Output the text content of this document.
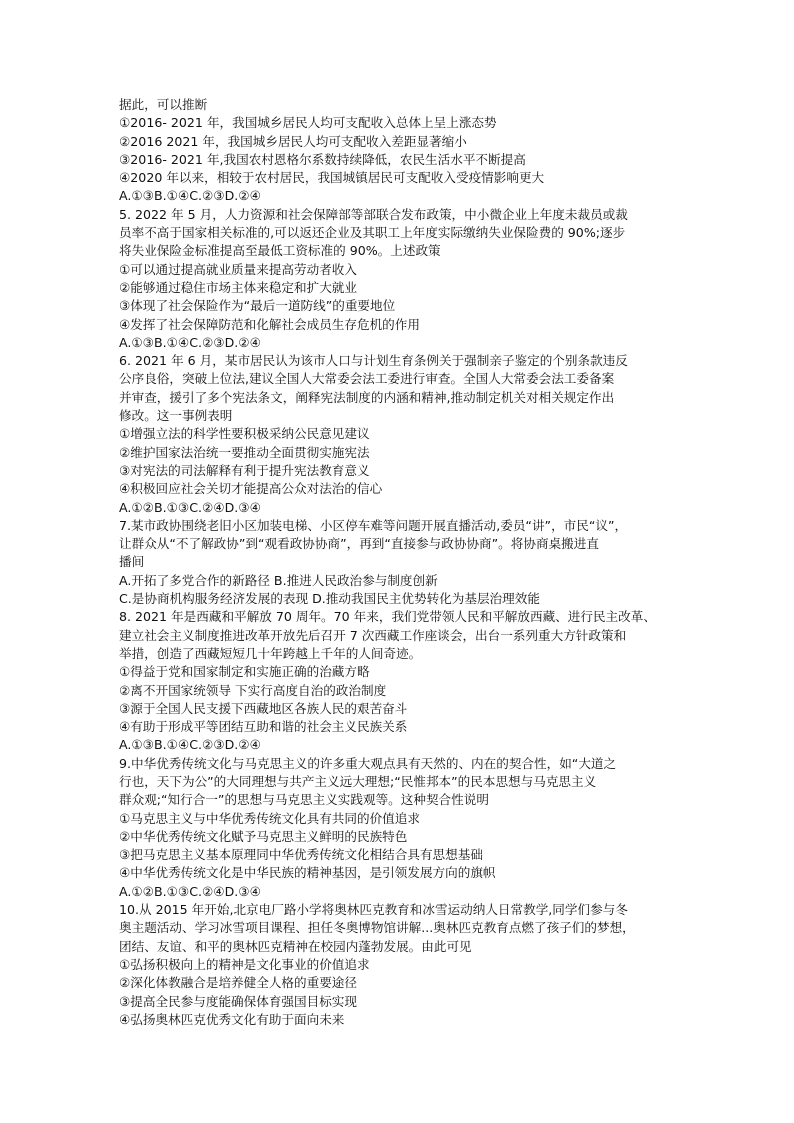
据此，可以推断
①2016- 2021 年，我国城乡居民人均可支配收入总体上呈上涨态势
②2016 2021 年，我国城乡居民人均可支配收入差距显著缩小
③2016- 2021 年,我国农村恩格尔系数持续降低，农民生活水平不断提高
④2020 年以来，相较于农村居民，我国城镇居民可支配收入受疫情影响更大
A.①③B.①④C.②③D.②④
5. 2022 年 5 月，人力资源和社会保障部等部联合发布政策，中小微企业上年度未裁员或裁
员率不高于国家相关标准的,可以返还企业及其职工上年度实际缴纳失业保险费的 90%;逐步
将失业保险金标准提高至最低工资标准的 90%。上述政策
①可以通过提高就业质量来提高劳动者收入
②能够通过稳住市场主体来稳定和扩大就业
③体现了社会保险作为“最后一道防线”的重要地位
④发挥了社会保障防范和化解社会成员生存危机的作用
A.①③B.①④C.②③D.②④
6. 2021 年 6 月，某市居民认为该市人口与计划生育条例关于强制亲子鉴定的个别条款违反
公序良俗，突破上位法,建议全国人大常委会法工委进行审查。全国人大常委会法工委备案
并审查，援引了多个宪法条文，阐释宪法制度的内涵和精神,推动制定机关对相关规定作出
修改。这一事例表明
①增强立法的科学性要积极采纳公民意见建议
②维护国家法治统一要推动全面贯彻实施宪法
③对宪法的司法解释有利于提升宪法教育意义
④积极回应社会关切才能提高公众对法治的信心
A.①②B.①③C.②④D.③④
7.某市政协围绕老旧小区加装电梯、小区停车难等问题开展直播活动,委员“讲”，市民“议”，
让群众从“不了解政协”到“观看政协协商”，再到“直接参与政协协商”。将协商桌搬进直
播间
A.开拓了多党合作的新路径 B.推进人民政治参与制度创新
C.是协商机构服务经济发展的表现 D.推动我国民主优势转化为基层治理效能
8. 2021 年是西藏和平解放 70 周年。70 年来，我们党带领人民和平解放西藏、进行民主改革、
建立社会主义制度推进改革开放先后召开 7 次西藏工作座谈会，出台一系列重大方针政策和
举措，创造了西藏短短几十年跨越上千年的人间奇迹。
①得益于党和国家制定和实施正确的治藏方略
②离不开国家统领导 下实行高度自治的政治制度
③源于全国人民支援下西藏地区各族人民的艰苦奋斗
④有助于形成平等团结互助和谐的社会主义民族关系
A.①③B.①④C.②③D.②④
9.中华优秀传统文化与马克思主义的许多重大观点具有天然的、内在的契合性，如“大道之
行也，天下为公”的大同理想与共产主义远大理想;“民惟邦本”的民本思想与马克思主义
群众观;“知行合一”的思想与马克思主义实践观等。这种契合性说明
①马克思主义与中华优秀传统文化具有共同的价值追求
②中华优秀传统文化赋予马克思主义鲜明的民族特色
③把马克思主义基本原理同中华优秀传统文化相结合具有思想基础
④中华优秀传统文化是中华民族的精神基因，是引领发展方向的旗帜
A.①②B.①③C.②④D.③④
10.从 2015 年开始,北京电厂路小学将奥林匹克教育和冰雪运动纳人日常教学,同学们参与冬
奥主题活动、学习冰雪项目课程、担任冬奥博物馆讲解...奥林匹克教育点燃了孩子们的梦想，
团结、友谊、和平的奥林匹克精神在校园内蓬勃发展。由此可见
①弘扬积极向上的精神是文化事业的价值追求
②深化体教融合是培养健全人格的重要途径
③提高全民参与度能确保体育强国目标实现
④弘扬奥林匹克优秀文化有助于面向未来
